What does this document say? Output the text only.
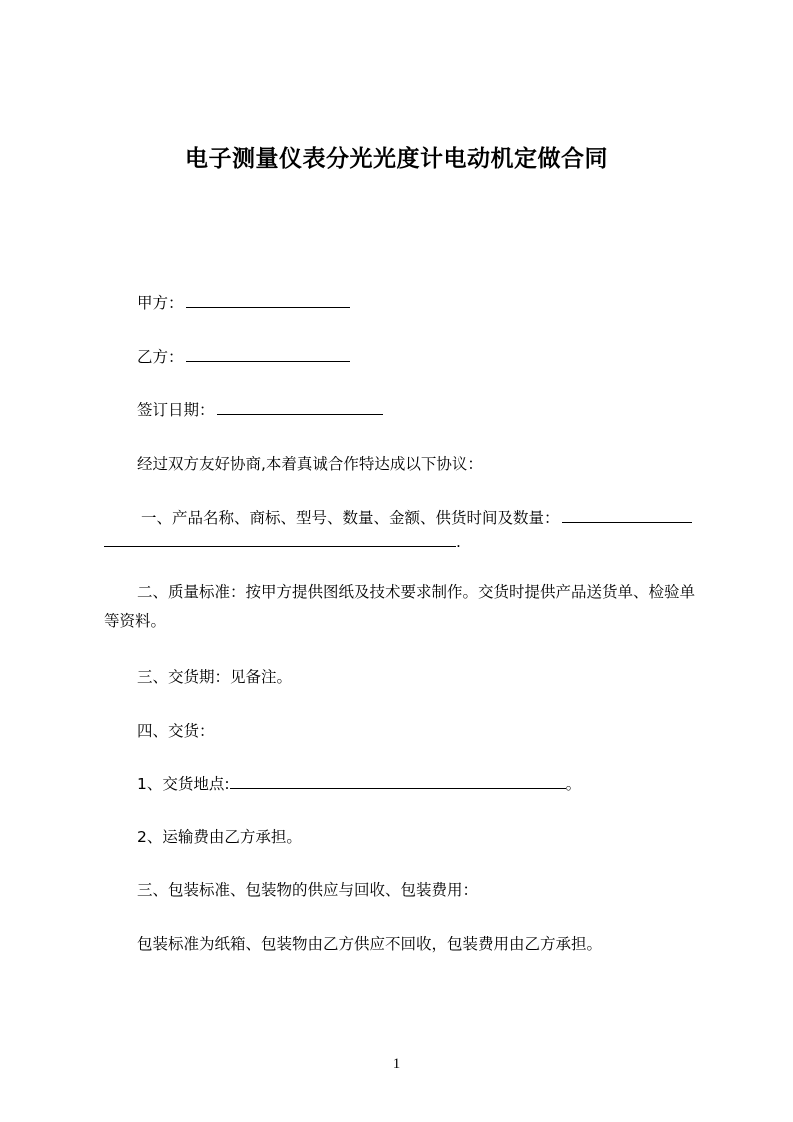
电子测量仪表分光光度计电动机定做合同
甲方：
乙方：
签订日期：
经过双方友好协商,本着真诚合作特达成以下协议：
一、产品名称、商标、型号、数量、金额、供货时间及数量：
.
二、质量标准：按甲方提供图纸及技术要求制作。交货时提供产品送货单、检验单等资料。
三、交货期：见备注。
四、交货：
1、交货地点:	。
2、运输费由乙方承担。
三、包装标准、包装物的供应与回收、包装费用：
包装标准为纸箱、包装物由乙方供应不回收，包装费用由乙方承担。
1
